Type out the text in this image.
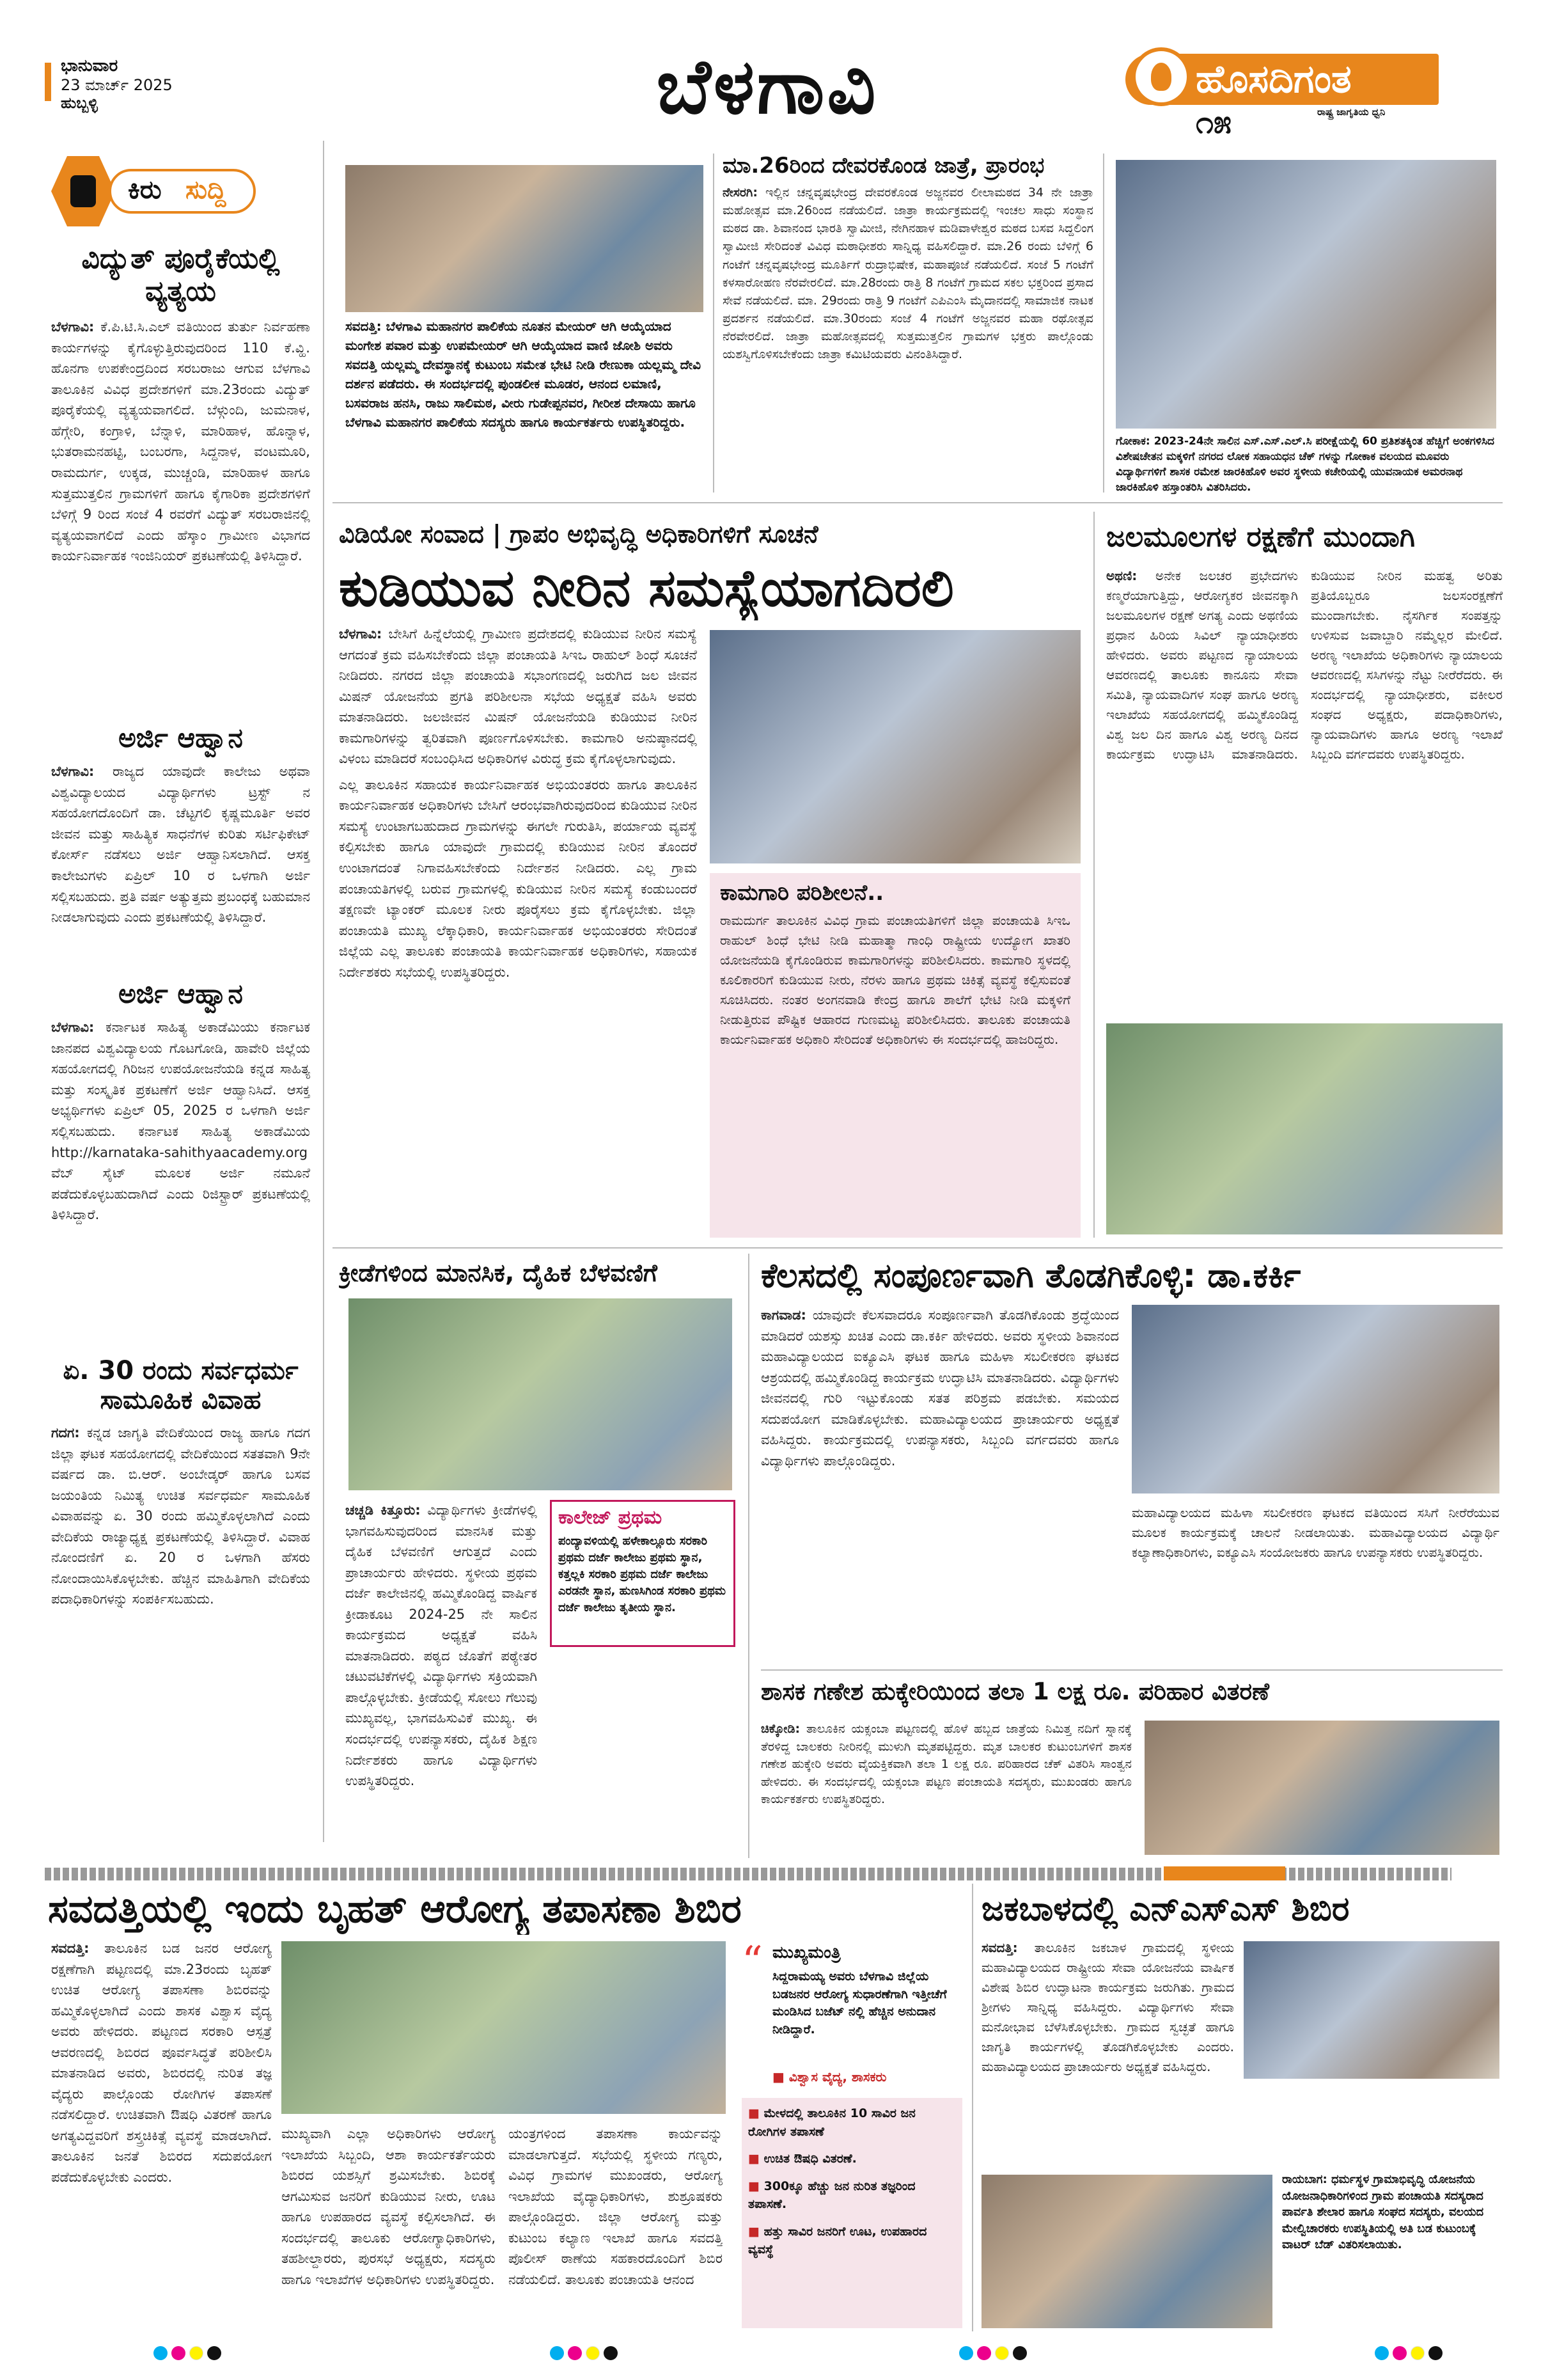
ಭಾನುವಾರ
23 ಮಾರ್ಚ್ 2025
ಹುಬ್ಬಳ್ಳಿ	ಬೆಳಗಾವಿ	ಹೊಸದಿಗಂತ
ರಾಷ್ಟ್ರ ಜಾಗೃತಿಯ ಧ್ವನಿ
೧೫
ಕಿರು ಸುದ್ದಿ
ವಿದ್ಯುತ್ ಪೂರೈಕೆಯಲ್ಲಿ ವ್ಯತ್ಯಯ
ಬೆಳಗಾವಿ: ಕೆ.ಪಿ.ಟಿ.ಸಿ.ಎಲ್ ವತಿಯಿಂದ ತುರ್ತು ನಿರ್ವಹಣಾ ಕಾರ್ಯಗಳನ್ನು ಕೈಗೊಳ್ಳುತ್ತಿರುವುದರಿಂದ 110 ಕೆ.ವ್ಹಿ. ಹೊನಗಾ ಉಪಕೇಂದ್ರದಿಂದ ಸರಬರಾಜು ಆಗುವ ಬೆಳಗಾವಿ ತಾಲೂಕಿನ ವಿವಿಧ ಪ್ರದೇಶಗಳಿಗೆ ಮಾ.23ರಂದು ವಿದ್ಯುತ್ ಪೂರೈಕೆಯಲ್ಲಿ ವ್ಯತ್ಯಯವಾಗಲಿದೆ. ಬೆಳ್ಗುಂದಿ, ಜುಮನಾಳ, ಹೆಗ್ಗೇರಿ, ಕಂಗ್ರಾಳಿ, ಬೆನ್ನಾಳಿ, ಮಾರಿಹಾಳ, ಹೊನ್ನಾಳ, ಭುತರಾಮನಹಟ್ಟಿ, ಬಂಬರಗಾ, ಸಿದ್ದನಾಳ, ವಂಟಮೂರಿ, ರಾಮದುರ್ಗ, ಉಕ್ಕಡ, ಮುಚ್ಚಂಡಿ, ಮಾರಿಹಾಳ ಹಾಗೂ ಸುತ್ತಮುತ್ತಲಿನ ಗ್ರಾಮಗಳಿಗೆ ಹಾಗೂ ಕೈಗಾರಿಕಾ ಪ್ರದೇಶಗಳಿಗೆ ಬೆಳಿಗ್ಗೆ 9 ರಿಂದ ಸಂಜೆ 4 ರವರೆಗೆ ವಿದ್ಯುತ್ ಸರಬರಾಜಿನಲ್ಲಿ ವ್ಯತ್ಯಯವಾಗಲಿದೆ ಎಂದು ಹೆಸ್ಕಾಂ ಗ್ರಾಮೀಣ ವಿಭಾಗದ ಕಾರ್ಯನಿರ್ವಾಹಕ ಇಂಜಿನಿಯರ್ ಪ್ರಕಟಣೆಯಲ್ಲಿ ತಿಳಿಸಿದ್ದಾರೆ.
ಅರ್ಜಿ ಆಹ್ವಾನ
ಬೆಳಗಾವಿ: ರಾಜ್ಯದ ಯಾವುದೇ ಕಾಲೇಜು ಅಥವಾ ವಿಶ್ವವಿದ್ಯಾಲಯದ ವಿದ್ಯಾರ್ಥಿಗಳು ಟ್ರಸ್ಟ್ ನ ಸಹಯೋಗದೊಂದಿಗೆ ಡಾ. ಚೆಟ್ಟಗಲಿ ಕೃಷ್ಣಮೂರ್ತಿ ಅವರ ಜೀವನ ಮತ್ತು ಸಾಹಿತ್ಯಿಕ ಸಾಧನೆಗಳ ಕುರಿತು ಸರ್ಟಿಫಿಕೇಟ್ ಕೋರ್ಸ್ ನಡೆಸಲು ಅರ್ಜಿ ಆಹ್ವಾನಿಸಲಾಗಿದೆ. ಆಸಕ್ತ ಕಾಲೇಜುಗಳು ಏಪ್ರಿಲ್ 10 ರ ಒಳಗಾಗಿ ಅರ್ಜಿ ಸಲ್ಲಿಸಬಹುದು. ಪ್ರತಿ ವರ್ಷ ಅತ್ಯುತ್ತಮ ಪ್ರಬಂಧಕ್ಕೆ ಬಹುಮಾನ ನೀಡಲಾಗುವುದು ಎಂದು ಪ್ರಕಟಣೆಯಲ್ಲಿ ತಿಳಿಸಿದ್ದಾರೆ.
ಅರ್ಜಿ ಆಹ್ವಾನ
ಬೆಳಗಾವಿ: ಕರ್ನಾಟಕ ಸಾಹಿತ್ಯ ಅಕಾಡೆಮಿಯು ಕರ್ನಾಟಕ ಜಾನಪದ ವಿಶ್ವವಿದ್ಯಾಲಯ ಗೊಟಗೋಡಿ, ಹಾವೇರಿ ಜಿಲ್ಲೆಯ ಸಹಯೋಗದಲ್ಲಿ ಗಿರಿಜನ ಉಪಯೋಜನೆಯಡಿ ಕನ್ನಡ ಸಾಹಿತ್ಯ ಮತ್ತು ಸಂಸ್ಕೃತಿಕ ಪ್ರಕಟಣೆಗೆ ಅರ್ಜಿ ಆಹ್ವಾನಿಸಿದೆ. ಆಸಕ್ತ ಅಭ್ಯರ್ಥಿಗಳು ಏಪ್ರಿಲ್ 05, 2025 ರ ಒಳಗಾಗಿ ಅರ್ಜಿ ಸಲ್ಲಿಸಬಹುದು. ಕರ್ನಾಟಕ ಸಾಹಿತ್ಯ ಅಕಾಡೆಮಿಯ http://karnataka-sahithyaacademy.org ವೆಬ್ ಸೈಟ್ ಮೂಲಕ ಅರ್ಜಿ ನಮೂನೆ ಪಡೆದುಕೊಳ್ಳಬಹುದಾಗಿದೆ ಎಂದು ರಿಜಿಸ್ಟ್ರಾರ್ ಪ್ರಕಟಣೆಯಲ್ಲಿ ತಿಳಿಸಿದ್ದಾರೆ.
ಏ. 30 ರಂದು ಸರ್ವಧರ್ಮ ಸಾಮೂಹಿಕ ವಿವಾಹ
ಗದಗ: ಕನ್ನಡ ಜಾಗೃತಿ ವೇದಿಕೆಯಿಂದ ರಾಜ್ಯ ಹಾಗೂ ಗದಗ ಜಿಲ್ಲಾ ಘಟಕ ಸಹಯೋಗದಲ್ಲಿ ವೇದಿಕೆಯಿಂದ ಸತತವಾಗಿ 9ನೇ ವರ್ಷದ ಡಾ. ಬಿ.ಆರ್. ಅಂಬೇಡ್ಕರ್ ಹಾಗೂ ಬಸವ ಜಯಂತಿಯ ನಿಮಿತ್ಯ ಉಚಿತ ಸರ್ವಧರ್ಮ ಸಾಮೂಹಿಕ ವಿವಾಹವನ್ನು ಏ. 30 ರಂದು ಹಮ್ಮಿಕೊಳ್ಳಲಾಗಿದೆ ಎಂದು ವೇದಿಕೆಯ ರಾಜ್ಯಾಧ್ಯಕ್ಷ ಪ್ರಕಟಣೆಯಲ್ಲಿ ತಿಳಿಸಿದ್ದಾರೆ. ವಿವಾಹ ನೋಂದಣಿಗೆ ಏ. 20 ರ ಒಳಗಾಗಿ ಹೆಸರು ನೋಂದಾಯಿಸಿಕೊಳ್ಳಬೇಕು. ಹೆಚ್ಚಿನ ಮಾಹಿತಿಗಾಗಿ ವೇದಿಕೆಯ ಪದಾಧಿಕಾರಿಗಳನ್ನು ಸಂಪರ್ಕಿಸಬಹುದು.
ಸವದತ್ತಿ: ಬೆಳಗಾವಿ ಮಹಾನಗರ ಪಾಲಿಕೆಯ ನೂತನ ಮೇಯರ್ ಆಗಿ ಆಯ್ಕೆಯಾದ ಮಂಗೇಶ ಪವಾರ ಮತ್ತು ಉಪಮೇಯರ್ ಆಗಿ ಆಯ್ಕೆಯಾದ ವಾಣಿ ಜೋಶಿ ಅವರು ಸವದತ್ತಿ ಯಲ್ಲಮ್ಮ ದೇವಸ್ಥಾನಕ್ಕೆ ಕುಟುಂಬ ಸಮೇತ ಭೇಟಿ ನೀಡಿ ರೇಣುಕಾ ಯಲ್ಲಮ್ಮ ದೇವಿ ದರ್ಶನ ಪಡೆದರು. ಈ ಸಂದರ್ಭದಲ್ಲಿ ಪುಂಡಲೀಕ ಮೂಡರ, ಆನಂದ ಲಮಾಣಿ, ಬಸವರಾಜ ಹನಸಿ, ರಾಜು ಸಾಲಿಮಠ, ವೀರು ಗುಡೇಪ್ಪನವರ, ಗೀರೀಶ ದೇಸಾಯಿ ಹಾಗೂ ಬೆಳಗಾವಿ ಮಹಾನಗರ ಪಾಲಿಕೆಯ ಸದಸ್ಯರು ಹಾಗೂ ಕಾರ್ಯಕರ್ತರು ಉಪಸ್ಥಿತರಿದ್ದರು.
ಮಾ.26ರಿಂದ ದೇವರಕೊಂಡ ಜಾತ್ರೆ, ಪ್ರಾರಂಭ
ನೇಸರಗಿ: ಇಲ್ಲಿನ ಚನ್ನವೃಷಭೇಂದ್ರ ದೇವರಕೊಂಡ ಅಜ್ಜನವರ ಲೀಲಾಮಠದ 34 ನೇ ಜಾತ್ರಾ ಮಹೋತ್ಸವ ಮಾ.26ರಿಂದ ನಡೆಯಲಿದೆ. ಜಾತ್ರಾ ಕಾರ್ಯಕ್ರಮದಲ್ಲಿ ಇಂಚಲ ಸಾಧು ಸಂಸ್ಥಾನ ಮಠದ ಡಾ. ಶಿವಾನಂದ ಭಾರತಿ ಸ್ವಾಮೀಜಿ, ನೇಗಿನಹಾಳ ಮಡಿವಾಳೇಶ್ವರ ಮಠದ ಬಸವ ಸಿದ್ದಲಿಂಗ ಸ್ವಾಮೀಜಿ ಸೇರಿದಂತೆ ವಿವಿಧ ಮಠಾಧೀಶರು ಸಾನ್ನಿಧ್ಯ ವಹಿಸಲಿದ್ದಾರೆ. ಮಾ.26 ರಂದು ಬೆಳಿಗ್ಗೆ 6 ಗಂಟೆಗೆ ಚನ್ನವೃಷಭೇಂದ್ರ ಮೂರ್ತಿಗೆ ರುದ್ರಾಭಿಷೇಕ, ಮಹಾಪೂಜೆ ನಡೆಯಲಿದೆ. ಸಂಜೆ 5 ಗಂಟೆಗೆ ಕಳಸಾರೋಹಣ ನೆರವೇರಲಿದೆ. ಮಾ.28ರಂದು ರಾತ್ರಿ 8 ಗಂಟೆಗೆ ಗ್ರಾಮದ ಸಕಲ ಭಕ್ತರಿಂದ ಪ್ರಸಾದ ಸೇವೆ ನಡೆಯಲಿದೆ. ಮಾ. 29ರಂದು ರಾತ್ರಿ 9 ಗಂಟೆಗೆ ಎಪಿಎಂಸಿ ಮೈದಾನದಲ್ಲಿ ಸಾಮಾಜಿಕ ನಾಟಕ ಪ್ರದರ್ಶನ ನಡೆಯಲಿದೆ. ಮಾ.30ರಂದು ಸಂಜೆ 4 ಗಂಟೆಗೆ ಅಜ್ಜನವರ ಮಹಾ ರಥೋತ್ಸವ ನೆರವೇರಲಿದೆ. ಜಾತ್ರಾ ಮಹೋತ್ಸವದಲ್ಲಿ ಸುತ್ತಮುತ್ತಲಿನ ಗ್ರಾಮಗಳ ಭಕ್ತರು ಪಾಲ್ಗೊಂಡು ಯಶಸ್ವಿಗೊಳಿಸಬೇಕೆಂದು ಜಾತ್ರಾ ಕಮಿಟಿಯವರು ವಿನಂತಿಸಿದ್ದಾರೆ.
ಗೋಕಾಕ: 2023-24ನೇ ಸಾಲಿನ ಎಸ್.ಎಸ್.ಎಲ್.ಸಿ ಪರೀಕ್ಷೆಯಲ್ಲಿ 60 ಪ್ರತಿಶತಕ್ಕಿಂತ ಹೆಚ್ಚಿಗೆ ಅಂಕಗಳಿಸಿದ ವಿಶೇಷಚೇತನ ಮಕ್ಕಳಿಗೆ ನಗರದ ಲೋಕ ಸಹಾಯಧನ ಚೆಕ್ ಗಳನ್ನು ಗೋಕಾಕ ವಲಯದ ಮೂವರು ವಿದ್ಯಾರ್ಥಿಗಳಿಗೆ ಶಾಸಕ ರಮೇಶ ಜಾರಕಿಹೊಳಿ ಅವರ ಸ್ಥಳೀಯ ಕಚೇರಿಯಲ್ಲಿ ಯುವನಾಯಕ ಅಮರನಾಥ ಜಾರಕಿಹೊಳಿ ಹಸ್ತಾಂತರಿಸಿ ವಿತರಿಸಿದರು.
ವಿಡಿಯೋ ಸಂವಾದ | ಗ್ರಾಪಂ ಅಭಿವೃದ್ಧಿ ಅಧಿಕಾರಿಗಳಿಗೆ ಸೂಚನೆ
ಕುಡಿಯುವ ನೀರಿನ ಸಮಸ್ಯೆಯಾಗದಿರಲಿ
ಬೆಳಗಾವಿ: ಬೇಸಿಗೆ ಹಿನ್ನೆಲೆಯಲ್ಲಿ ಗ್ರಾಮೀಣ ಪ್ರದೇಶದಲ್ಲಿ ಕುಡಿಯುವ ನೀರಿನ ಸಮಸ್ಯೆ ಆಗದಂತೆ ಕ್ರಮ ವಹಿಸಬೇಕೆಂದು ಜಿಲ್ಲಾ ಪಂಚಾಯತಿ ಸಿಇಒ ರಾಹುಲ್ ಶಿಂಧೆ ಸೂಚನೆ ನೀಡಿದರು. ನಗರದ ಜಿಲ್ಲಾ ಪಂಚಾಯತಿ ಸಭಾಂಗಣದಲ್ಲಿ ಜರುಗಿದ ಜಲ ಜೀವನ ಮಿಷನ್ ಯೋಜನೆಯ ಪ್ರಗತಿ ಪರಿಶೀಲನಾ ಸಭೆಯ ಅಧ್ಯಕ್ಷತೆ ವಹಿಸಿ ಅವರು ಮಾತನಾಡಿದರು. ಜಲಜೀವನ ಮಿಷನ್ ಯೋಜನೆಯಡಿ ಕುಡಿಯುವ ನೀರಿನ ಕಾಮಗಾರಿಗಳನ್ನು ತ್ವರಿತವಾಗಿ ಪೂರ್ಣಗೊಳಿಸಬೇಕು. ಕಾಮಗಾರಿ ಅನುಷ್ಠಾನದಲ್ಲಿ ವಿಳಂಬ ಮಾಡಿದರೆ ಸಂಬಂಧಿಸಿದ ಅಧಿಕಾರಿಗಳ ವಿರುದ್ಧ ಕ್ರಮ ಕೈಗೊಳ್ಳಲಾಗುವುದು.
ಎಲ್ಲ ತಾಲೂಕಿನ ಸಹಾಯಕ ಕಾರ್ಯನಿರ್ವಾಹಕ ಅಭಿಯಂತರರು ಹಾಗೂ ತಾಲೂಕಿನ ಕಾರ್ಯನಿರ್ವಾಹಕ ಅಧಿಕಾರಿಗಳು ಬೇಸಿಗೆ ಆರಂಭವಾಗಿರುವುದರಿಂದ ಕುಡಿಯುವ ನೀರಿನ ಸಮಸ್ಯೆ ಉಂಟಾಗಬಹುದಾದ ಗ್ರಾಮಗಳನ್ನು ಈಗಲೇ ಗುರುತಿಸಿ, ಪರ್ಯಾಯ ವ್ಯವಸ್ಥೆ ಕಲ್ಪಿಸಬೇಕು ಹಾಗೂ ಯಾವುದೇ ಗ್ರಾಮದಲ್ಲಿ ಕುಡಿಯುವ ನೀರಿನ ತೊಂದರೆ ಉಂಟಾಗದಂತೆ ನಿಗಾವಹಿಸಬೇಕೆಂದು ನಿರ್ದೇಶನ ನೀಡಿದರು. ಎಲ್ಲ ಗ್ರಾಮ ಪಂಚಾಯತಿಗಳಲ್ಲಿ ಬರುವ ಗ್ರಾಮಗಳಲ್ಲಿ ಕುಡಿಯುವ ನೀರಿನ ಸಮಸ್ಯೆ ಕಂಡುಬಂದರೆ ತಕ್ಷಣವೇ ಟ್ಯಾಂಕರ್ ಮೂಲಕ ನೀರು ಪೂರೈಸಲು ಕ್ರಮ ಕೈಗೊಳ್ಳಬೇಕು. ಜಿಲ್ಲಾ ಪಂಚಾಯತಿ ಮುಖ್ಯ ಲೆಕ್ಕಾಧಿಕಾರಿ, ಕಾರ್ಯನಿರ್ವಾಹಕ ಅಭಿಯಂತರರು ಸೇರಿದಂತೆ ಜಿಲ್ಲೆಯ ಎಲ್ಲ ತಾಲೂಕು ಪಂಚಾಯತಿ ಕಾರ್ಯನಿರ್ವಾಹಕ ಅಧಿಕಾರಿಗಳು, ಸಹಾಯಕ ನಿರ್ದೇಶಕರು ಸಭೆಯಲ್ಲಿ ಉಪಸ್ಥಿತರಿದ್ದರು.
ಕಾಮಗಾರಿ ಪರಿಶೀಲನೆ..
ರಾಮದುರ್ಗ ತಾಲೂಕಿನ ವಿವಿಧ ಗ್ರಾಮ ಪಂಚಾಯತಿಗಳಿಗೆ ಜಿಲ್ಲಾ ಪಂಚಾಯತಿ ಸಿಇಒ ರಾಹುಲ್ ಶಿಂಧೆ ಭೇಟಿ ನೀಡಿ ಮಹಾತ್ಮಾ ಗಾಂಧಿ ರಾಷ್ಟ್ರೀಯ ಉದ್ಯೋಗ ಖಾತರಿ ಯೋಜನೆಯಡಿ ಕೈಗೊಂಡಿರುವ ಕಾಮಗಾರಿಗಳನ್ನು ಪರಿಶೀಲಿಸಿದರು. ಕಾಮಗಾರಿ ಸ್ಥಳದಲ್ಲಿ ಕೂಲಿಕಾರರಿಗೆ ಕುಡಿಯುವ ನೀರು, ನೆರಳು ಹಾಗೂ ಪ್ರಥಮ ಚಿಕಿತ್ಸೆ ವ್ಯವಸ್ಥೆ ಕಲ್ಪಿಸುವಂತೆ ಸೂಚಿಸಿದರು. ನಂತರ ಅಂಗನವಾಡಿ ಕೇಂದ್ರ ಹಾಗೂ ಶಾಲೆಗೆ ಭೇಟಿ ನೀಡಿ ಮಕ್ಕಳಿಗೆ ನೀಡುತ್ತಿರುವ ಪೌಷ್ಟಿಕ ಆಹಾರದ ಗುಣಮಟ್ಟ ಪರಿಶೀಲಿಸಿದರು. ತಾಲೂಕು ಪಂಚಾಯತಿ ಕಾರ್ಯನಿರ್ವಾಹಕ ಅಧಿಕಾರಿ ಸೇರಿದಂತೆ ಅಧಿಕಾರಿಗಳು ಈ ಸಂದರ್ಭದಲ್ಲಿ ಹಾಜರಿದ್ದರು.
ಜಲಮೂಲಗಳ ರಕ್ಷಣೆಗೆ ಮುಂದಾಗಿ
ಅಥಣಿ: ಅನೇಕ ಜಲಚರ ಪ್ರಭೇದಗಳು ಕಣ್ಮರೆಯಾಗುತ್ತಿದ್ದು, ಆರೋಗ್ಯಕರ ಜೀವನಕ್ಕಾಗಿ ಜಲಮೂಲಗಳ ರಕ್ಷಣೆ ಅಗತ್ಯ ಎಂದು ಅಥಣಿಯ ಪ್ರಧಾನ ಹಿರಿಯ ಸಿವಿಲ್ ನ್ಯಾಯಾಧೀಶರು ಹೇಳಿದರು. ಅವರು ಪಟ್ಟಣದ ನ್ಯಾಯಾಲಯ ಆವರಣದಲ್ಲಿ ತಾಲೂಕು ಕಾನೂನು ಸೇವಾ ಸಮಿತಿ, ನ್ಯಾಯವಾದಿಗಳ ಸಂಘ ಹಾಗೂ ಅರಣ್ಯ ಇಲಾಖೆಯ ಸಹಯೋಗದಲ್ಲಿ ಹಮ್ಮಿಕೊಂಡಿದ್ದ ವಿಶ್ವ ಜಲ ದಿನ ಹಾಗೂ ವಿಶ್ವ ಅರಣ್ಯ ದಿನದ ಕಾರ್ಯಕ್ರಮ ಉದ್ಘಾಟಿಸಿ ಮಾತನಾಡಿದರು. ಕುಡಿಯುವ ನೀರಿನ ಮಹತ್ವ ಅರಿತು ಪ್ರತಿಯೊಬ್ಬರೂ ಜಲಸಂರಕ್ಷಣೆಗೆ ಮುಂದಾಗಬೇಕು. ನೈಸರ್ಗಿಕ ಸಂಪತ್ತನ್ನು ಉಳಿಸುವ ಜವಾಬ್ದಾರಿ ನಮ್ಮೆಲ್ಲರ ಮೇಲಿದೆ. ಅರಣ್ಯ ಇಲಾಖೆಯ ಅಧಿಕಾರಿಗಳು ನ್ಯಾಯಾಲಯ ಆವರಣದಲ್ಲಿ ಸಸಿಗಳನ್ನು ನೆಟ್ಟು ನೀರೆರೆದರು. ಈ ಸಂದರ್ಭದಲ್ಲಿ ನ್ಯಾಯಾಧೀಶರು, ವಕೀಲರ ಸಂಘದ ಅಧ್ಯಕ್ಷರು, ಪದಾಧಿಕಾರಿಗಳು, ನ್ಯಾಯವಾದಿಗಳು ಹಾಗೂ ಅರಣ್ಯ ಇಲಾಖೆ ಸಿಬ್ಬಂದಿ ವರ್ಗದವರು ಉಪಸ್ಥಿತರಿದ್ದರು.
ಕ್ರೀಡೆಗಳಿಂದ ಮಾನಸಿಕ, ದೈಹಿಕ ಬೆಳವಣಿಗೆ
ಚಚ್ಚಡಿ ಕಿತ್ತೂರು: ವಿದ್ಯಾರ್ಥಿಗಳು ಕ್ರೀಡೆಗಳಲ್ಲಿ ಭಾಗವಹಿಸುವುದರಿಂದ ಮಾನಸಿಕ ಮತ್ತು ದೈಹಿಕ ಬೆಳವಣಿಗೆ ಆಗುತ್ತದೆ ಎಂದು ಪ್ರಾಚಾರ್ಯರು ಹೇಳಿದರು. ಸ್ಥಳೀಯ ಪ್ರಥಮ ದರ್ಜೆ ಕಾಲೇಜಿನಲ್ಲಿ ಹಮ್ಮಿಕೊಂಡಿದ್ದ ವಾರ್ಷಿಕ ಕ್ರೀಡಾಕೂಟ 2024-25 ನೇ ಸಾಲಿನ ಕಾರ್ಯಕ್ರಮದ ಅಧ್ಯಕ್ಷತೆ ವಹಿಸಿ ಮಾತನಾಡಿದರು. ಪಠ್ಯದ ಜೊತೆಗೆ ಪಠ್ಯೇತರ ಚಟುವಟಿಕೆಗಳಲ್ಲಿ ವಿದ್ಯಾರ್ಥಿಗಳು ಸಕ್ರಿಯವಾಗಿ ಪಾಲ್ಗೊಳ್ಳಬೇಕು. ಕ್ರೀಡೆಯಲ್ಲಿ ಸೋಲು ಗೆಲುವು ಮುಖ್ಯವಲ್ಲ, ಭಾಗವಹಿಸುವಿಕೆ ಮುಖ್ಯ. ಈ ಸಂದರ್ಭದಲ್ಲಿ ಉಪನ್ಯಾಸಕರು, ದೈಹಿಕ ಶಿಕ್ಷಣ ನಿರ್ದೇಶಕರು ಹಾಗೂ ವಿದ್ಯಾರ್ಥಿಗಳು ಉಪಸ್ಥಿತರಿದ್ದರು.
ಕಾಲೇಜ್ ಪ್ರಥಮ
ಪಂದ್ಯಾವಳಿಯಲ್ಲಿ ಹಳೇಕಾಲ್ಲೂರು ಸರಕಾರಿ ಪ್ರಥಮ ದರ್ಜೆ ಕಾಲೇಜು ಪ್ರಥಮ ಸ್ಥಾನ, ಕತ್ತಲ್ಲಕಿ ಸರಕಾರಿ ಪ್ರಥಮ ದರ್ಜೆ ಕಾಲೇಜು ಎರಡನೇ ಸ್ಥಾನ, ಹುಣಸಿಗಿಂಡ ಸರಕಾರಿ ಪ್ರಥಮ ದರ್ಜೆ ಕಾಲೇಜು ತೃತೀಯ ಸ್ಥಾನ.
ಕೆಲಸದಲ್ಲಿ ಸಂಪೂರ್ಣವಾಗಿ ತೊಡಗಿಕೊಳ್ಳಿ: ಡಾ.ಕರ್ಕಿ
ಕಾಗವಾಡ: ಯಾವುದೇ ಕೆಲಸವಾದರೂ ಸಂಪೂರ್ಣವಾಗಿ ತೊಡಗಿಕೊಂಡು ಶ್ರದ್ಧೆಯಿಂದ ಮಾಡಿದರೆ ಯಶಸ್ಸು ಖಚಿತ ಎಂದು ಡಾ.ಕರ್ಕಿ ಹೇಳಿದರು. ಅವರು ಸ್ಥಳೀಯ ಶಿವಾನಂದ ಮಹಾವಿದ್ಯಾಲಯದ ಐಕ್ಯೂಎಸಿ ಘಟಕ ಹಾಗೂ ಮಹಿಳಾ ಸಬಲೀಕರಣ ಘಟಕದ ಆಶ್ರಯದಲ್ಲಿ ಹಮ್ಮಿಕೊಂಡಿದ್ದ ಕಾರ್ಯಕ್ರಮ ಉದ್ಘಾಟಿಸಿ ಮಾತನಾಡಿದರು. ವಿದ್ಯಾರ್ಥಿಗಳು ಜೀವನದಲ್ಲಿ ಗುರಿ ಇಟ್ಟುಕೊಂಡು ಸತತ ಪರಿಶ್ರಮ ಪಡಬೇಕು. ಸಮಯದ ಸದುಪಯೋಗ ಮಾಡಿಕೊಳ್ಳಬೇಕು. ಮಹಾವಿದ್ಯಾಲಯದ ಪ್ರಾಚಾರ್ಯರು ಅಧ್ಯಕ್ಷತೆ ವಹಿಸಿದ್ದರು. ಕಾರ್ಯಕ್ರಮದಲ್ಲಿ ಉಪನ್ಯಾಸಕರು, ಸಿಬ್ಬಂದಿ ವರ್ಗದವರು ಹಾಗೂ ವಿದ್ಯಾರ್ಥಿಗಳು ಪಾಲ್ಗೊಂಡಿದ್ದರು.
ಮಹಾವಿದ್ಯಾಲಯದ ಮಹಿಳಾ ಸಬಲೀಕರಣ ಘಟಕದ ವತಿಯಿಂದ ಸಸಿಗೆ ನೀರೆರೆಯುವ ಮೂಲಕ ಕಾರ್ಯಕ್ರಮಕ್ಕೆ ಚಾಲನೆ ನೀಡಲಾಯಿತು. ಮಹಾವಿದ್ಯಾಲಯದ ವಿದ್ಯಾರ್ಥಿ ಕಲ್ಯಾಣಾಧಿಕಾರಿಗಳು, ಐಕ್ಯೂಎಸಿ ಸಂಯೋಜಕರು ಹಾಗೂ ಉಪನ್ಯಾಸಕರು ಉಪಸ್ಥಿತರಿದ್ದರು.
ಶಾಸಕ ಗಣೇಶ ಹುಕ್ಕೇರಿಯಿಂದ ತಲಾ 1 ಲಕ್ಷ ರೂ. ಪರಿಹಾರ ವಿತರಣೆ
ಚಿಕ್ಕೋಡಿ: ತಾಲೂಕಿನ ಯಕ್ಸಂಬಾ ಪಟ್ಟಣದಲ್ಲಿ ಹೊಳೆ ಹಬ್ಬದ ಜಾತ್ರೆಯ ನಿಮಿತ್ತ ನದಿಗೆ ಸ್ನಾನಕ್ಕೆ ತೆರಳಿದ್ದ ಬಾಲಕರು ನೀರಿನಲ್ಲಿ ಮುಳುಗಿ ಮೃತಪಟ್ಟಿದ್ದರು. ಮೃತ ಬಾಲಕರ ಕುಟುಂಬಗಳಿಗೆ ಶಾಸಕ ಗಣೇಶ ಹುಕ್ಕೇರಿ ಅವರು ವೈಯಕ್ತಿಕವಾಗಿ ತಲಾ 1 ಲಕ್ಷ ರೂ. ಪರಿಹಾರದ ಚೆಕ್ ವಿತರಿಸಿ ಸಾಂತ್ವನ ಹೇಳಿದರು. ಈ ಸಂದರ್ಭದಲ್ಲಿ ಯಕ್ಸಂಬಾ ಪಟ್ಟಣ ಪಂಚಾಯತಿ ಸದಸ್ಯರು, ಮುಖಂಡರು ಹಾಗೂ ಕಾರ್ಯಕರ್ತರು ಉಪಸ್ಥಿತರಿದ್ದರು.
ಸವದತ್ತಿಯಲ್ಲಿ ಇಂದು ಬೃಹತ್ ಆರೋಗ್ಯ ತಪಾಸಣಾ ಶಿಬಿರ
ಸವದತ್ತಿ: ತಾಲೂಕಿನ ಬಡ ಜನರ ಆರೋಗ್ಯ ರಕ್ಷಣೆಗಾಗಿ ಪಟ್ಟಣದಲ್ಲಿ ಮಾ.23ರಂದು ಬೃಹತ್ ಉಚಿತ ಆರೋಗ್ಯ ತಪಾಸಣಾ ಶಿಬಿರವನ್ನು ಹಮ್ಮಿಕೊಳ್ಳಲಾಗಿದೆ ಎಂದು ಶಾಸಕ ವಿಶ್ವಾಸ ವೈದ್ಯ ಅವರು ಹೇಳಿದರು. ಪಟ್ಟಣದ ಸರಕಾರಿ ಆಸ್ಪತ್ರೆ ಆವರಣದಲ್ಲಿ ಶಿಬಿರದ ಪೂರ್ವಸಿದ್ಧತೆ ಪರಿಶೀಲಿಸಿ ಮಾತನಾಡಿದ ಅವರು, ಶಿಬಿರದಲ್ಲಿ ನುರಿತ ತಜ್ಞ ವೈದ್ಯರು ಪಾಲ್ಗೊಂಡು ರೋಗಿಗಳ ತಪಾಸಣೆ ನಡೆಸಲಿದ್ದಾರೆ. ಉಚಿತವಾಗಿ ಔಷಧಿ ವಿತರಣೆ ಹಾಗೂ ಅಗತ್ಯವಿದ್ದವರಿಗೆ ಶಸ್ತ್ರಚಿಕಿತ್ಸೆ ವ್ಯವಸ್ಥೆ ಮಾಡಲಾಗಿದೆ. ತಾಲೂಕಿನ ಜನತೆ ಶಿಬಿರದ ಸದುಪಯೋಗ ಪಡೆದುಕೊಳ್ಳಬೇಕು ಎಂದರು.
ಮುಖ್ಯವಾಗಿ ಎಲ್ಲಾ ಅಧಿಕಾರಿಗಳು ಆರೋಗ್ಯ ಇಲಾಖೆಯ ಸಿಬ್ಬಂದಿ, ಆಶಾ ಕಾರ್ಯಕರ್ತೆಯರು ಶಿಬಿರದ ಯಶಸ್ಸಿಗೆ ಶ್ರಮಿಸಬೇಕು. ಶಿಬಿರಕ್ಕೆ ಆಗಮಿಸುವ ಜನರಿಗೆ ಕುಡಿಯುವ ನೀರು, ಊಟ ಹಾಗೂ ಉಪಹಾರದ ವ್ಯವಸ್ಥೆ ಕಲ್ಪಿಸಲಾಗಿದೆ. ಈ ಸಂದರ್ಭದಲ್ಲಿ ತಾಲೂಕು ಆರೋಗ್ಯಾಧಿಕಾರಿಗಳು, ತಹಶೀಲ್ದಾರರು, ಪುರಸಭೆ ಅಧ್ಯಕ್ಷರು, ಸದಸ್ಯರು ಹಾಗೂ ಇಲಾಖೆಗಳ ಅಧಿಕಾರಿಗಳು ಉಪಸ್ಥಿತರಿದ್ದರು.
ಯಂತ್ರಗಳಿಂದ ತಪಾಸಣಾ ಕಾರ್ಯವನ್ನು ಮಾಡಲಾಗುತ್ತದೆ. ಸಭೆಯಲ್ಲಿ ಸ್ಥಳೀಯ ಗಣ್ಯರು, ವಿವಿಧ ಗ್ರಾಮಗಳ ಮುಖಂಡರು, ಆರೋಗ್ಯ ಇಲಾಖೆಯ ವೈದ್ಯಾಧಿಕಾರಿಗಳು, ಶುಶ್ರೂಷಕರು ಪಾಲ್ಗೊಂಡಿದ್ದರು. ಜಿಲ್ಲಾ ಆರೋಗ್ಯ ಮತ್ತು ಕುಟುಂಬ ಕಲ್ಯಾಣ ಇಲಾಖೆ ಹಾಗೂ ಸವದತ್ತಿ ಪೊಲೀಸ್ ಠಾಣೆಯ ಸಹಕಾರದೊಂದಿಗೆ ಶಿಬಿರ ನಡೆಯಲಿದೆ. ತಾಲೂಕು ಪಂಚಾಯತಿ ಆನಂದ
“ ಮುಖ್ಯಮಂತ್ರಿ
ಸಿದ್ದರಾಮಯ್ಯ ಅವರು ಬೆಳಗಾವಿ ಜಿಲ್ಲೆಯ ಬಡಜನರ ಆರೋಗ್ಯ ಸುಧಾರಣೆಗಾಗಿ ಇತ್ತೀಚೆಗೆ ಮಂಡಿಸಿದ ಬಜೆಟ್ ನಲ್ಲಿ ಹೆಚ್ಚಿನ ಅನುದಾನ ನೀಡಿದ್ದಾರೆ.
■ ವಿಶ್ವಾಸ ವೈದ್ಯ, ಶಾಸಕರು
■ ಮೇಳದಲ್ಲಿ ತಾಲೂಕಿನ 10 ಸಾವಿರ ಜನ ರೋಗಿಗಳ ತಪಾಸಣೆ
■ ಉಚಿತ ಔಷಧಿ ವಿತರಣೆ.
■ 300ಕ್ಕೂ ಹೆಚ್ಚು ಜನ ನುರಿತ ತಜ್ಞರಿಂದ ತಪಾಸಣೆ.
■ ಹತ್ತು ಸಾವಿರ ಜನರಿಗೆ ಊಟ, ಉಪಹಾರದ ವ್ಯವಸ್ಥೆ
ಜಕಬಾಳದಲ್ಲಿ ಎನ್‌ಎಸ್‌ಎಸ್ ಶಿಬಿರ
ಸವದತ್ತಿ: ತಾಲೂಕಿನ ಜಕಬಾಳ ಗ್ರಾಮದಲ್ಲಿ ಸ್ಥಳೀಯ ಮಹಾವಿದ್ಯಾಲಯದ ರಾಷ್ಟ್ರೀಯ ಸೇವಾ ಯೋಜನೆಯ ವಾರ್ಷಿಕ ವಿಶೇಷ ಶಿಬಿರ ಉದ್ಘಾಟನಾ ಕಾರ್ಯಕ್ರಮ ಜರುಗಿತು. ಗ್ರಾಮದ ಶ್ರೀಗಳು ಸಾನ್ನಿಧ್ಯ ವಹಿಸಿದ್ದರು. ವಿದ್ಯಾರ್ಥಿಗಳು ಸೇವಾ ಮನೋಭಾವ ಬೆಳೆಸಿಕೊಳ್ಳಬೇಕು. ಗ್ರಾಮದ ಸ್ವಚ್ಛತೆ ಹಾಗೂ ಜಾಗೃತಿ ಕಾರ್ಯಗಳಲ್ಲಿ ತೊಡಗಿಕೊಳ್ಳಬೇಕು ಎಂದರು. ಮಹಾವಿದ್ಯಾಲಯದ ಪ್ರಾಚಾರ್ಯರು ಅಧ್ಯಕ್ಷತೆ ವಹಿಸಿದ್ದರು.
ರಾಯಬಾಗ: ಧರ್ಮಸ್ಥಳ ಗ್ರಾಮಾಭಿವೃದ್ಧಿ ಯೋಜನೆಯ ಯೋಜನಾಧಿಕಾರಿಗಳಿಂದ ಗ್ರಾಮ ಪಂಚಾಯತಿ ಸದಸ್ಯರಾದ ಪಾರ್ವತಿ ಶೇಲಾರ ಹಾಗೂ ಸಂಘದ ಸದಸ್ಯರು, ವಲಯದ ಮೇಲ್ವಿಚಾರಕರು ಉಪಸ್ಥಿತಿಯಲ್ಲಿ ಅತಿ ಬಡ ಕುಟುಂಬಕ್ಕೆ ವಾಟರ್ ಬೆಡ್ ವಿತರಿಸಲಾಯಿತು.
